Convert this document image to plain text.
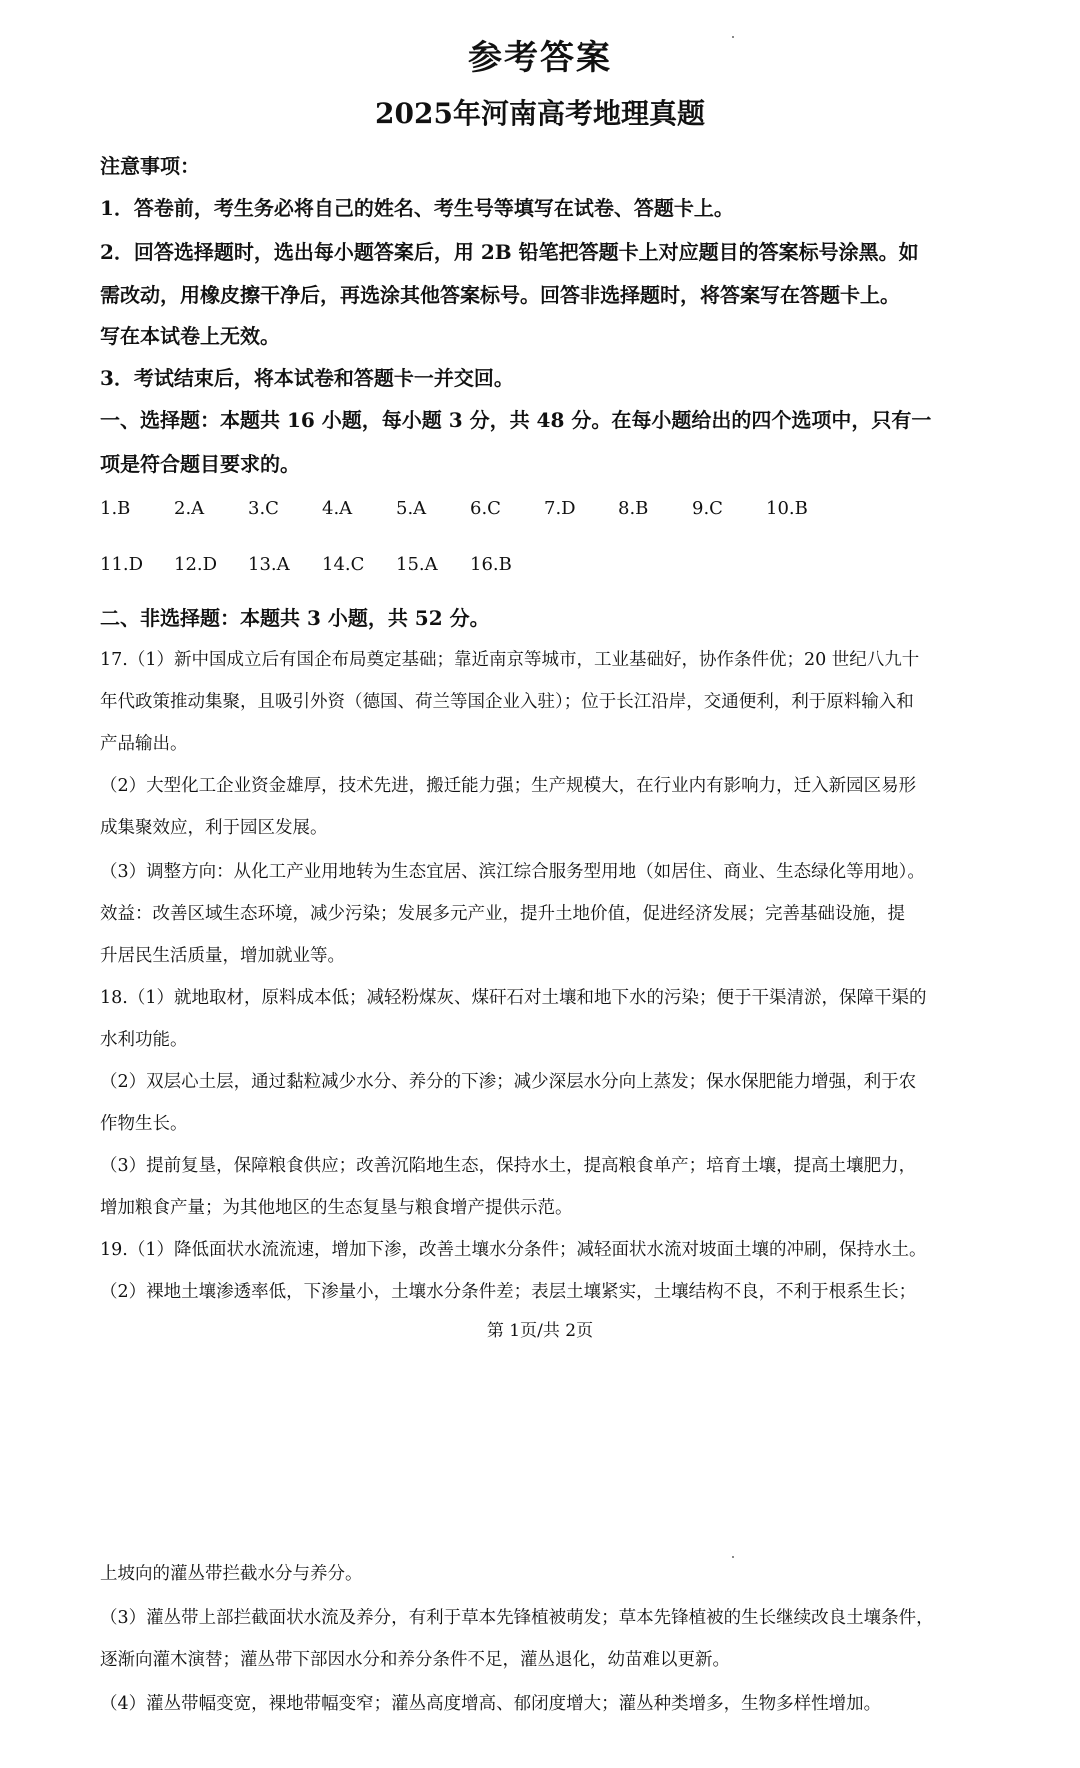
参考答案
2025年河南高考地理真题
注意事项：
1．答卷前，考生务必将自己的姓名、考生号等填写在试卷、答题卡上。
2．回答选择题时，选出每小题答案后，用 2B 铅笔把答题卡上对应题目的答案标号涂黑。如
需改动，用橡皮擦干净后，再选涂其他答案标号。回答非选择题时，将答案写在答题卡上。
写在本试卷上无效。
3．考试结束后，将本试卷和答题卡一并交回。
一、选择题：本题共 16 小题，每小题 3 分，共 48 分。在每小题给出的四个选项中，只有一
项是符合题目要求的。
1.B 2.A 3.C 4.A 5.A 6.C 7.D 8.B 9.C 10.B
11.D 12.D 13.A 14.C 15.A 16.B
二、非选择题：本题共 3 小题，共 52 分。
17.（1）新中国成立后有国企布局奠定基础；靠近南京等城市，工业基础好，协作条件优；20 世纪八九十
年代政策推动集聚，且吸引外资（德国、荷兰等国企业入驻）；位于长江沿岸，交通便利，利于原料输入和
产品输出。
（2）大型化工企业资金雄厚，技术先进，搬迁能力强；生产规模大，在行业内有影响力，迁入新园区易形
成集聚效应，利于园区发展。
（3）调整方向：从化工产业用地转为生态宜居、滨江综合服务型用地（如居住、商业、生态绿化等用地）。
效益：改善区域生态环境，减少污染；发展多元产业，提升土地价值，促进经济发展；完善基础设施，提
升居民生活质量，增加就业等。
18.（1）就地取材，原料成本低；减轻粉煤灰、煤矸石对土壤和地下水的污染；便于干渠清淤，保障干渠的
水利功能。
（2）双层心土层，通过黏粒减少水分、养分的下渗；减少深层水分向上蒸发；保水保肥能力增强，利于农
作物生长。
（3）提前复垦，保障粮食供应；改善沉陷地生态，保持水土，提高粮食单产；培育土壤，提高土壤肥力，
增加粮食产量；为其他地区的生态复垦与粮食增产提供示范。
19.（1）降低面状水流流速，增加下渗，改善土壤水分条件；减轻面状水流对坡面土壤的冲刷，保持水土。
（2）裸地土壤渗透率低，下渗量小，土壤水分条件差；表层土壤紧实，土壤结构不良，不利于根系生长；
第 1页/共 2页
上坡向的灌丛带拦截水分与养分。
（3）灌丛带上部拦截面状水流及养分，有利于草本先锋植被萌发；草本先锋植被的生长继续改良土壤条件，
逐渐向灌木演替；灌丛带下部因水分和养分条件不足，灌丛退化，幼苗难以更新。
（4）灌丛带幅变宽，裸地带幅变窄；灌丛高度增高、郁闭度增大；灌丛种类增多，生物多样性增加。
